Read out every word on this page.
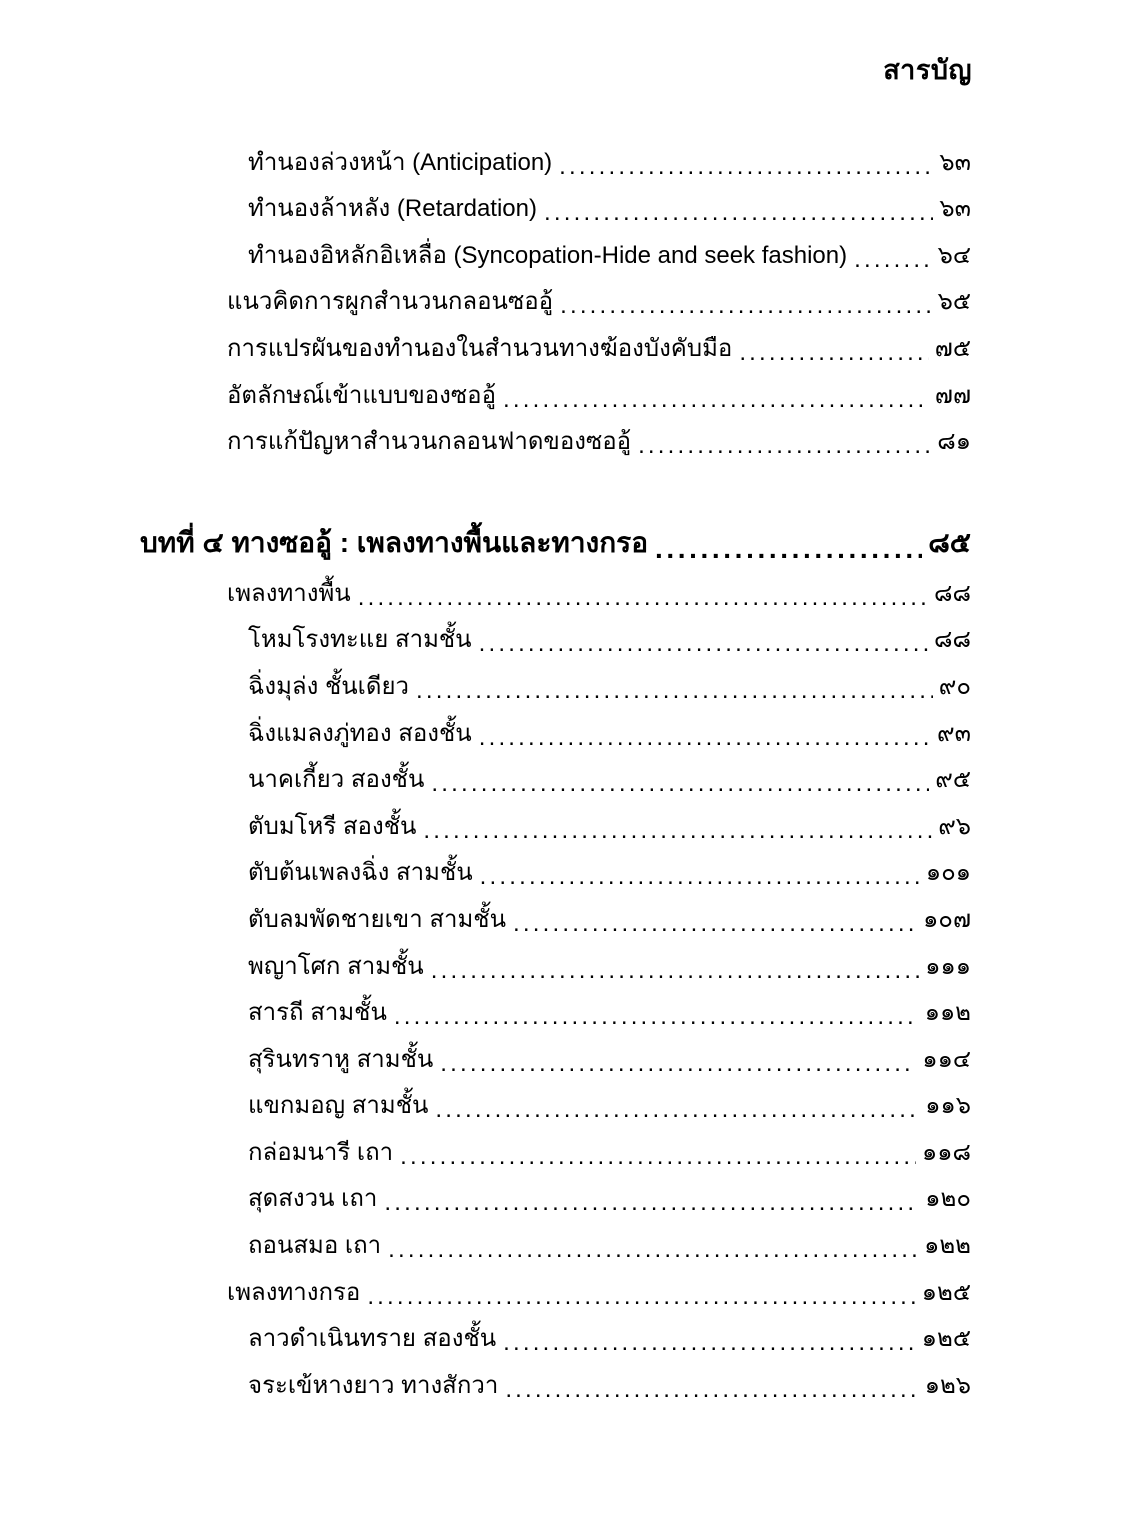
สารบัญ
ทำนองล่วงหน้า (Anticipation) .....	๖๓
ทำนองล้าหลัง (Retardation) .....	๖๓
ทำนองอิหลักอิเหลื่อ (Syncopation-Hide and seek fashion) .....	๖๔
แนวคิดการผูกสำนวนกลอนซออู้ .....	๖๕
การแปรผันของทำนองในสำนวนทางฆ้องบังคับมือ .....	๗๕
อัตลักษณ์เข้าแบบของซออู้ .....	๗๗
การแก้ปัญหาสำนวนกลอนฟาดของซออู้ .....	๘๑
บทที่ ๔ ทางซออู้ : เพลงทางพื้นและทางกรอ .....	๘๕
เพลงทางพื้น .....	๘๘
โหมโรงทะแย สามชั้น .....	๘๘
ฉิ่งมุล่ง ชั้นเดียว .....	๙๐
ฉิ่งแมลงภู่ทอง สองชั้น .....	๙๓
นาคเกี้ยว สองชั้น .....	๙๕
ตับมโหรี สองชั้น .....	๙๖
ตับต้นเพลงฉิ่ง สามชั้น .....	๑๐๑
ตับลมพัดชายเขา สามชั้น .....	๑๐๗
พญาโศก สามชั้น .....	๑๑๑
สารถี สามชั้น .....	๑๑๒
สุรินทราหู สามชั้น .....	๑๑๔
แขกมอญ สามชั้น .....	๑๑๖
กล่อมนารี เถา .....	๑๑๘
สุดสงวน เถา .....	๑๒๐
ถอนสมอ เถา .....	๑๒๒
เพลงทางกรอ .....	๑๒๕
ลาวดำเนินทราย สองชั้น .....	๑๒๕
จระเข้หางยาว ทางสักวา .....	๑๒๖
